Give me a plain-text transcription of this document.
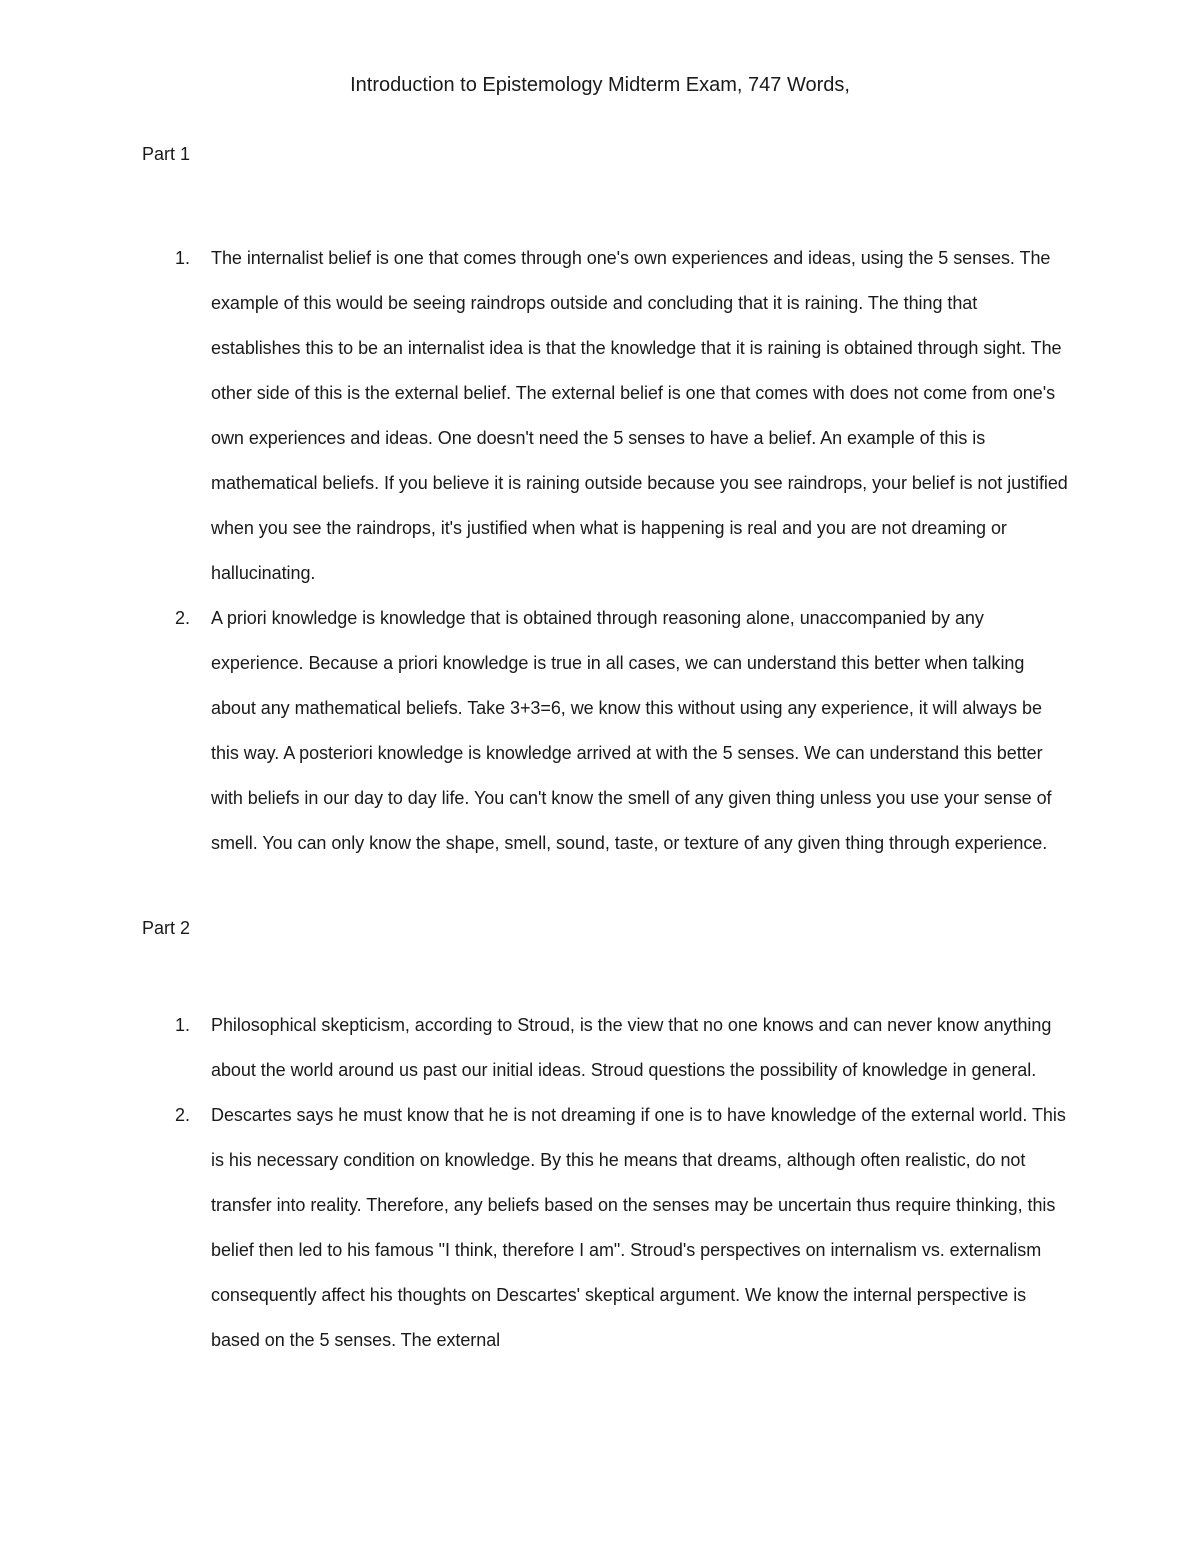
Introduction to Epistemology Midterm Exam, 747 Words,
Part 1
1. The internalist belief is one that comes through one's own experiences and ideas, using the 5 senses. The example of this would be seeing raindrops outside and concluding that it is raining. The thing that establishes this to be an internalist idea is that the knowledge that it is raining is obtained through sight. The other side of this is the external belief. The external belief is one that comes with does not come from one's own experiences and ideas. One doesn't need the 5 senses to have a belief. An example of this is mathematical beliefs. If you believe it is raining outside because you see raindrops, your belief is not justified when you see the raindrops, it's justified when what is happening is real and you are not dreaming or hallucinating.
2. A priori knowledge is knowledge that is obtained through reasoning alone, unaccompanied by any experience. Because a priori knowledge is true in all cases, we can understand this better when talking about any mathematical beliefs. Take 3+3=6, we know this without using any experience, it will always be this way. A posteriori knowledge is knowledge arrived at with the 5 senses. We can understand this better with beliefs in our day to day life. You can't know the smell of any given thing unless you use your sense of smell. You can only know the shape, smell, sound, taste, or texture of any given thing through experience.
Part 2
1. Philosophical skepticism, according to Stroud, is the view that no one knows and can never know anything about the world around us past our initial ideas. Stroud questions the possibility of knowledge in general.
2. Descartes says he must know that he is not dreaming if one is to have knowledge of the external world. This is his necessary condition on knowledge. By this he means that dreams, although often realistic, do not transfer into reality. Therefore, any beliefs based on the senses may be uncertain thus require thinking, this belief then led to his famous "I think, therefore I am". Stroud's perspectives on internalism vs. externalism consequently affect his thoughts on Descartes' skeptical argument. We know the internal perspective is based on the 5 senses. The external
